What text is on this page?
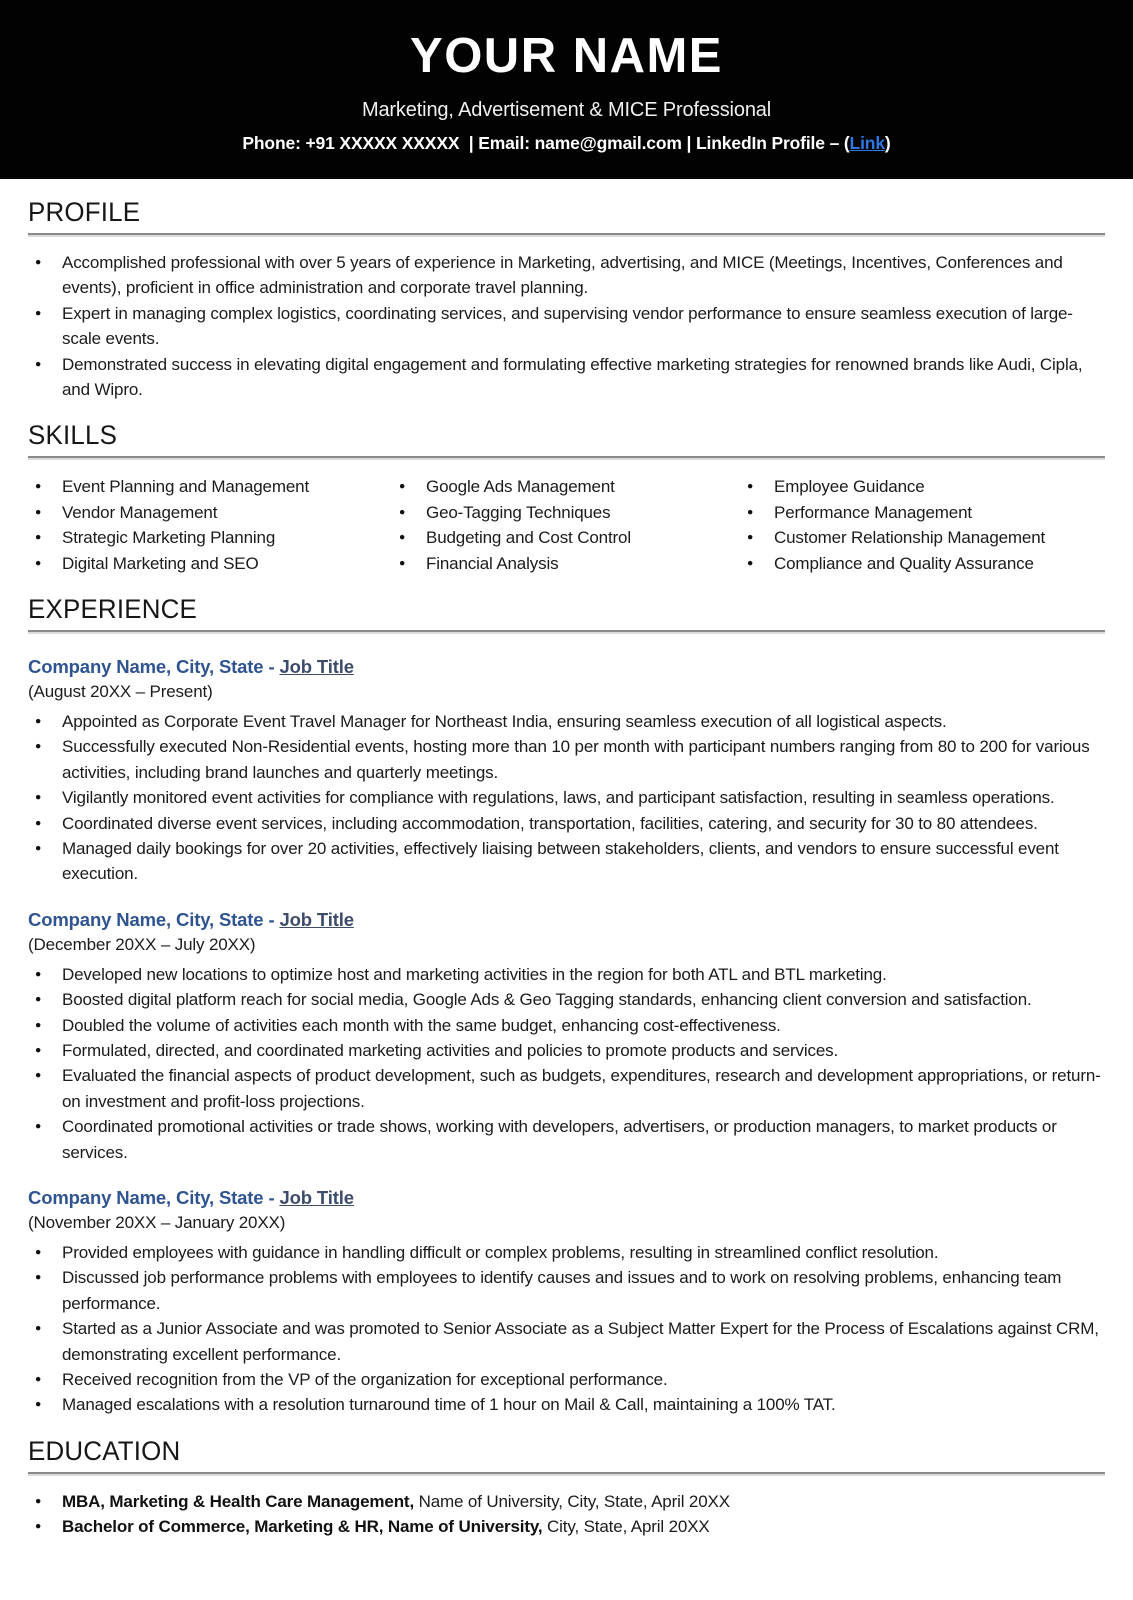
YOUR NAME
Marketing, Advertisement & MICE Professional
Phone: +91 XXXXX XXXXX  | Email: name@gmail.com | LinkedIn Profile – (Link)
PROFILE
● Accomplished professional with over 5 years of experience in Marketing, advertising, and MICE (Meetings, Incentives, Conferences and events), proficient in office administration and corporate travel planning.
● Expert in managing complex logistics, coordinating services, and supervising vendor performance to ensure seamless execution of large-scale events.
● Demonstrated success in elevating digital engagement and formulating effective marketing strategies for renowned brands like Audi, Cipla, and Wipro.
SKILLS
● Event Planning and Management
● Vendor Management
● Strategic Marketing Planning
● Digital Marketing and SEO
● Google Ads Management
● Geo-Tagging Techniques
● Budgeting and Cost Control
● Financial Analysis
● Employee Guidance
● Performance Management
● Customer Relationship Management
● Compliance and Quality Assurance
EXPERIENCE
Company Name, City, State - Job Title
(August 20XX – Present)
● Appointed as Corporate Event Travel Manager for Northeast India, ensuring seamless execution of all logistical aspects.
● Successfully executed Non-Residential events, hosting more than 10 per month with participant numbers ranging from 80 to 200 for various activities, including brand launches and quarterly meetings.
● Vigilantly monitored event activities for compliance with regulations, laws, and participant satisfaction, resulting in seamless operations.
● Coordinated diverse event services, including accommodation, transportation, facilities, catering, and security for 30 to 80 attendees.
● Managed daily bookings for over 20 activities, effectively liaising between stakeholders, clients, and vendors to ensure successful event execution.
Company Name, City, State - Job Title
(December 20XX – July 20XX)
● Developed new locations to optimize host and marketing activities in the region for both ATL and BTL marketing.
● Boosted digital platform reach for social media, Google Ads & Geo Tagging standards, enhancing client conversion and satisfaction.
● Doubled the volume of activities each month with the same budget, enhancing cost-effectiveness.
● Formulated, directed, and coordinated marketing activities and policies to promote products and services.
● Evaluated the financial aspects of product development, such as budgets, expenditures, research and development appropriations, or return-on investment and profit-loss projections.
● Coordinated promotional activities or trade shows, working with developers, advertisers, or production managers, to market products or services.
Company Name, City, State - Job Title
(November 20XX – January 20XX)
● Provided employees with guidance in handling difficult or complex problems, resulting in streamlined conflict resolution.
● Discussed job performance problems with employees to identify causes and issues and to work on resolving problems, enhancing team performance.
● Started as a Junior Associate and was promoted to Senior Associate as a Subject Matter Expert for the Process of Escalations against CRM, demonstrating excellent performance.
● Received recognition from the VP of the organization for exceptional performance.
● Managed escalations with a resolution turnaround time of 1 hour on Mail & Call, maintaining a 100% TAT.
EDUCATION
● MBA, Marketing & Health Care Management, Name of University, City, State, April 20XX
● Bachelor of Commerce, Marketing & HR, Name of University, City, State, April 20XX
